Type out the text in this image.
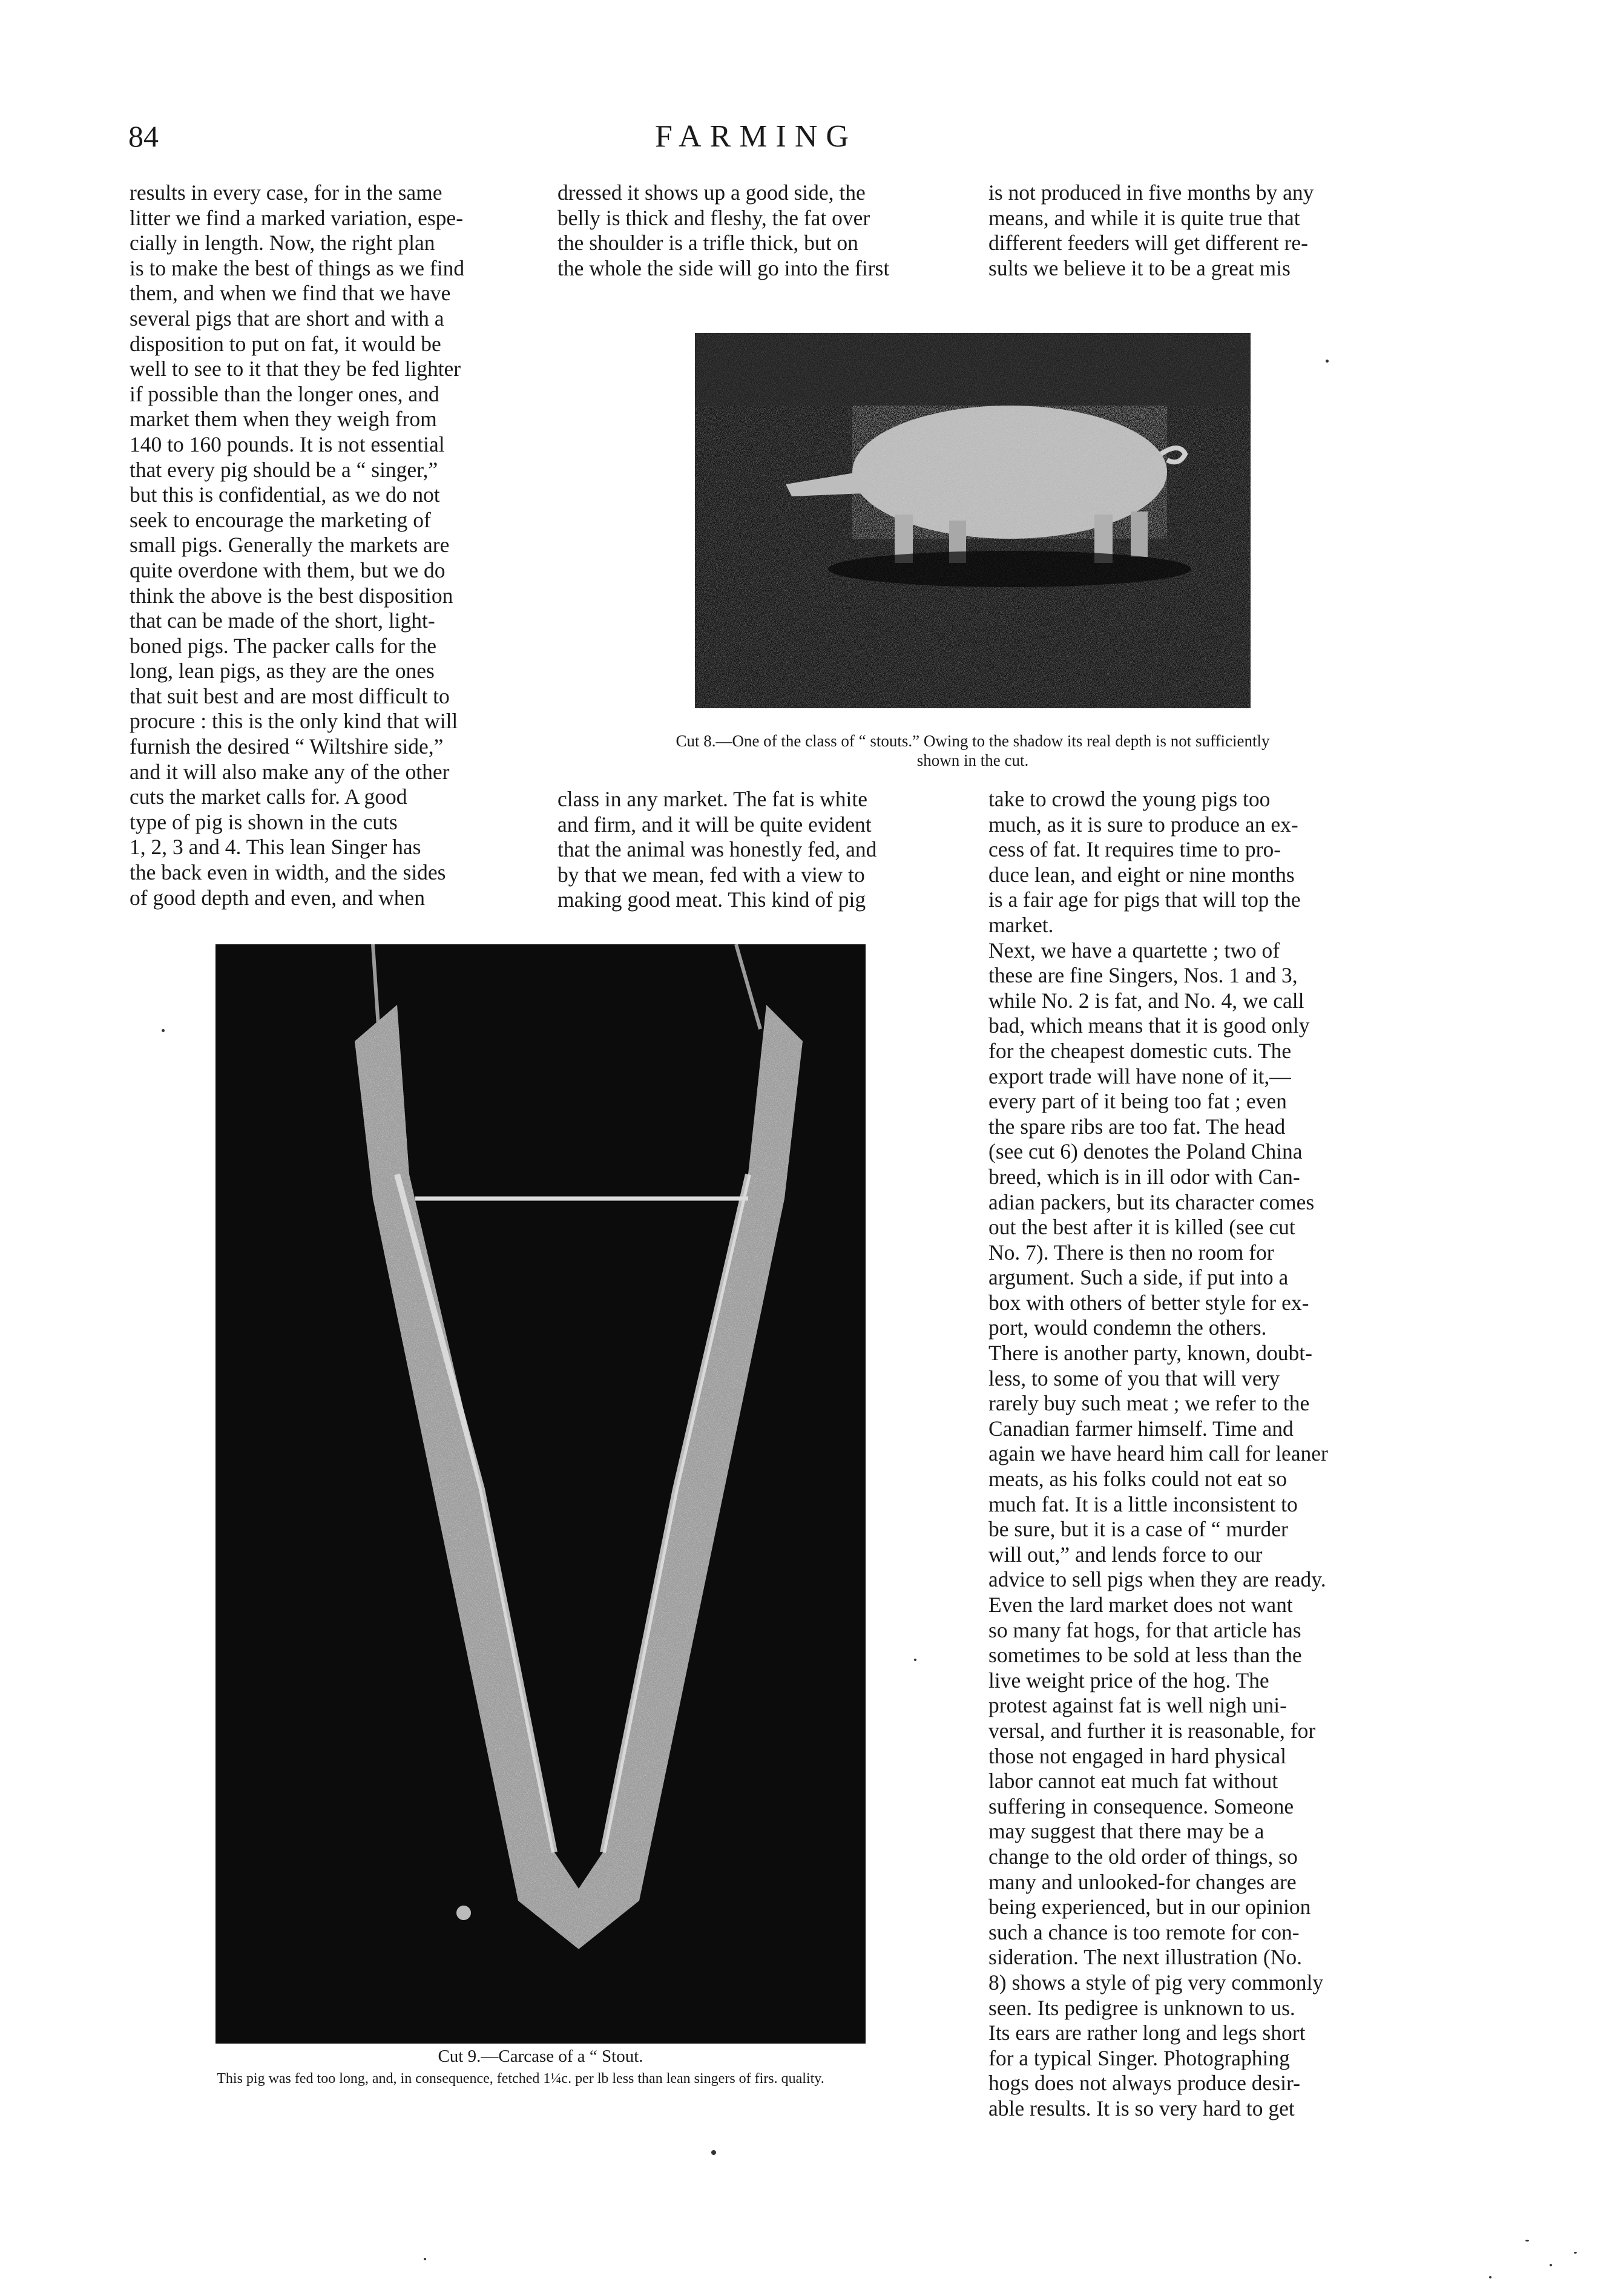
84	FARMING
results in every case, for in the same
litter we find a marked variation, espe-
cially in length. Now, the right plan
is to make the best of things as we find
them, and when we find that we have
several pigs that are short and with a
disposition to put on fat, it would be
well to see to it that they be fed lighter
if possible than the longer ones, and
market them when they weigh from
140 to 160 pounds. It is not essential
that every pig should be a “ singer,”
but this is confidential, as we do not
seek to encourage the marketing of
small pigs. Generally the markets are
quite overdone with them, but we do
think the above is the best disposition
that can be made of the short, light-
boned pigs. The packer calls for the
long, lean pigs, as they are the ones
that suit best and are most difficult to
procure : this is the only kind that will
furnish the desired “ Wiltshire side,”
and it will also make any of the other
cuts the market calls for. A good
type of pig is shown in the cuts
1, 2, 3 and 4. This lean Singer has
the back even in width, and the sides
of good depth and even, and when
dressed it shows up a good side, the
belly is thick and fleshy, the fat over
the shoulder is a trifle thick, but on
the whole the side will go into the first
is not produced in five months by any
means, and while it is quite true that
different feeders will get different re-
sults we believe it to be a great mis
Cut 8.—One of the class of “ stouts.” Owing to the shadow its real depth is not sufficiently
shown in the cut.
class in any market. The fat is white
and firm, and it will be quite evident
that the animal was honestly fed, and
by that we mean, fed with a view to
making good meat. This kind of pig
take to crowd the young pigs too
much, as it is sure to produce an ex-
cess of fat. It requires time to pro-
duce lean, and eight or nine months
is a fair age for pigs that will top the
market.
Next, we have a quartette ; two of
these are fine Singers, Nos. 1 and 3,
while No. 2 is fat, and No. 4, we call
bad, which means that it is good only
for the cheapest domestic cuts. The
export trade will have none of it,—
every part of it being too fat ; even
the spare ribs are too fat. The head
(see cut 6) denotes the Poland China
breed, which is in ill odor with Can-
adian packers, but its character comes
out the best after it is killed (see cut
No. 7). There is then no room for
argument. Such a side, if put into a
box with others of better style for ex-
port, would condemn the others.
There is another party, known, doubt-
less, to some of you that will very
rarely buy such meat ; we refer to the
Canadian farmer himself. Time and
again we have heard him call for leaner
meats, as his folks could not eat so
much fat. It is a little inconsistent to
be sure, but it is a case of “ murder
will out,” and lends force to our
advice to sell pigs when they are ready.
Even the lard market does not want
so many fat hogs, for that article has
sometimes to be sold at less than the
live weight price of the hog. The
protest against fat is well nigh uni-
versal, and further it is reasonable, for
those not engaged in hard physical
labor cannot eat much fat without
suffering in consequence. Someone
may suggest that there may be a
change to the old order of things, so
many and unlooked-for changes are
being experienced, but in our opinion
such a chance is too remote for con-
sideration. The next illustration (No.
8) shows a style of pig very commonly
seen. Its pedigree is unknown to us.
Its ears are rather long and legs short
for a typical Singer. Photographing
hogs does not always produce desir-
able results. It is so very hard to get
Cut 9.—Carcase of a “ Stout.
This pig was fed too long, and, in consequence, fetched 1¼c. per lb less than lean singers of firs. quality.
